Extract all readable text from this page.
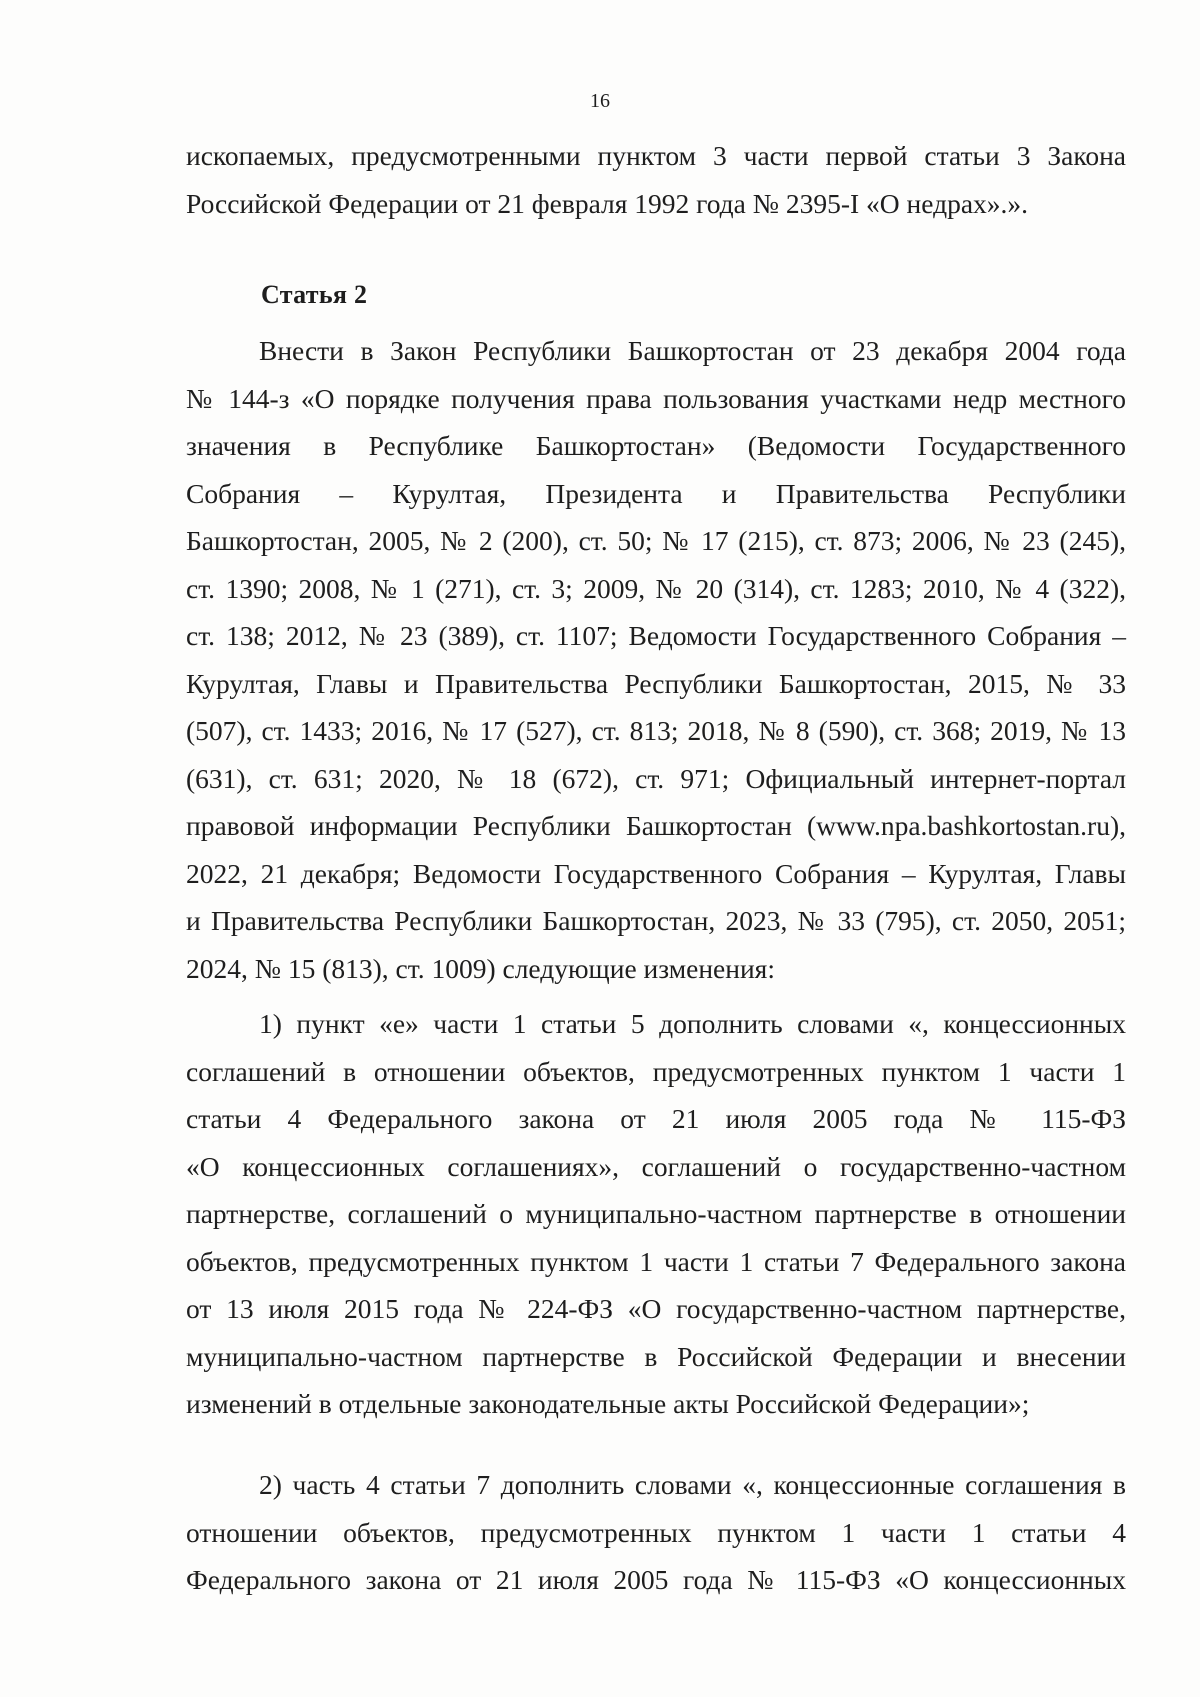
16

ископаемых, предусмотренными пунктом 3 части первой статьи 3 Закона

Российской Федерации от 21 февраля 1992 года № 2395-I «О недрах».».

Статья 2

Внести в Закон Республики Башкортостан от 23 декабря 2004 года

№ 144-з «О порядке получения права пользования участками недр местного

значения в Республике Башкортостан» (Ведомости Государственного

Собрания – Курултая, Президента и Правительства Республики

Башкортостан, 2005, № 2 (200), ст. 50; № 17 (215), ст. 873; 2006, № 23 (245),

ст. 1390; 2008, № 1 (271), ст. 3; 2009, № 20 (314), ст. 1283; 2010, № 4 (322),

ст. 138; 2012, № 23 (389), ст. 1107; Ведомости Государственного Собрания –

Курултая, Главы и Правительства Республики Башкортостан, 2015, № 33

(507), ст. 1433; 2016, № 17 (527), ст. 813; 2018, № 8 (590), ст. 368; 2019, № 13

(631), ст. 631; 2020, № 18 (672), ст. 971; Официальный интернет-портал

правовой информации Республики Башкортостан (www.npa.bashkortostan.ru),

2022, 21 декабря; Ведомости Государственного Собрания – Курултая, Главы

и Правительства Республики Башкортостан, 2023, № 33 (795), ст. 2050, 2051;

2024, № 15 (813), ст. 1009) следующие изменения:

1) пункт «е» части 1 статьи 5 дополнить словами «, концессионных

соглашений в отношении объектов, предусмотренных пунктом 1 части 1

статьи 4 Федерального закона от 21 июля 2005 года № 115-ФЗ

«О концессионных соглашениях», соглашений о государственно-частном

партнерстве, соглашений о муниципально-частном партнерстве в отношении

объектов, предусмотренных пунктом 1 части 1 статьи 7 Федерального закона

от 13 июля 2015 года № 224-ФЗ «О государственно-частном партнерстве,

муниципально-частном партнерстве в Российской Федерации и внесении

изменений в отдельные законодательные акты Российской Федерации»;

2) часть 4 статьи 7 дополнить словами «, концессионные соглашения в

отношении объектов, предусмотренных пунктом 1 части 1 статьи 4

Федерального закона от 21 июля 2005 года № 115-ФЗ «О концессионных
